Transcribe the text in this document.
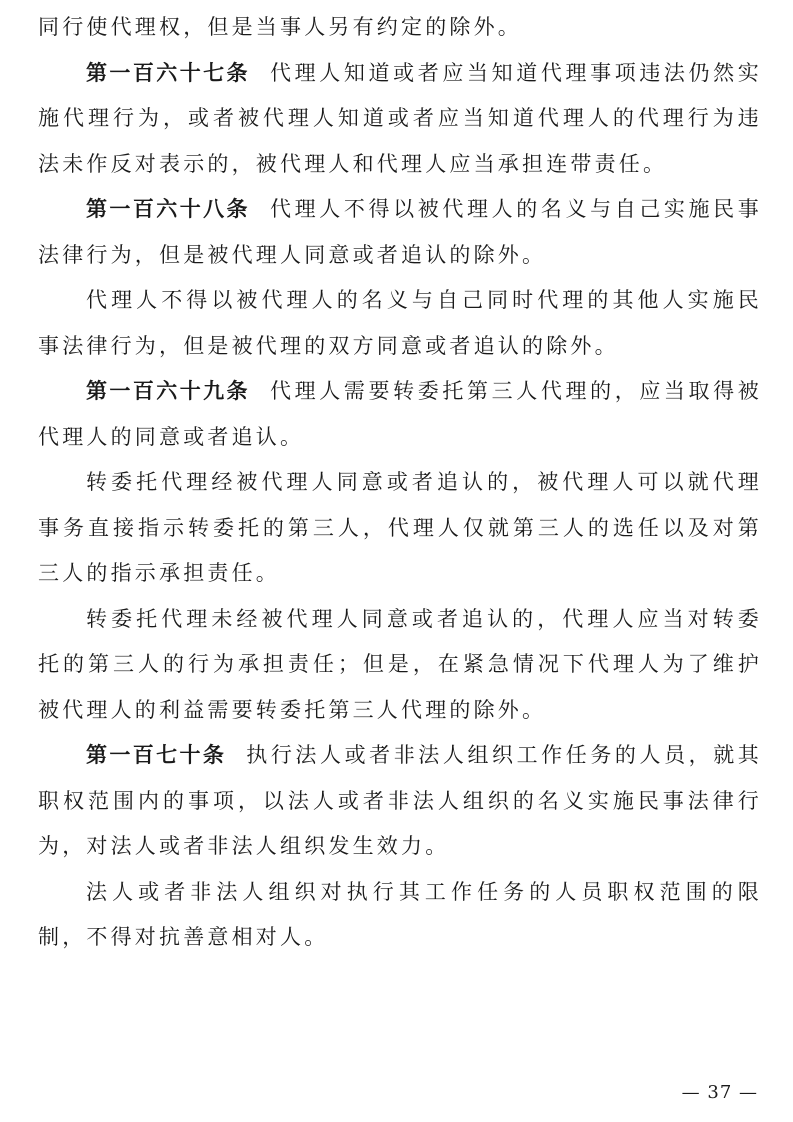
同行使代理权，但是当事人另有约定的除外。

第一百六十七条 代理人知道或者应当知道代理事项违法仍然实施代理行为，或者被代理人知道或者应当知道代理人的代理行为违法未作反对表示的，被代理人和代理人应当承担连带责任。

第一百六十八条 代理人不得以被代理人的名义与自己实施民事法律行为，但是被代理人同意或者追认的除外。

代理人不得以被代理人的名义与自己同时代理的其他人实施民事法律行为，但是被代理的双方同意或者追认的除外。

第一百六十九条 代理人需要转委托第三人代理的，应当取得被代理人的同意或者追认。

转委托代理经被代理人同意或者追认的，被代理人可以就代理事务直接指示转委托的第三人，代理人仅就第三人的选任以及对第三人的指示承担责任。

转委托代理未经被代理人同意或者追认的，代理人应当对转委托的第三人的行为承担责任；但是，在紧急情况下代理人为了维护被代理人的利益需要转委托第三人代理的除外。

第一百七十条 执行法人或者非法人组织工作任务的人员，就其职权范围内的事项，以法人或者非法人组织的名义实施民事法律行为，对法人或者非法人组织发生效力。

法人或者非法人组织对执行其工作任务的人员职权范围的限制，不得对抗善意相对人。

— 37 —
